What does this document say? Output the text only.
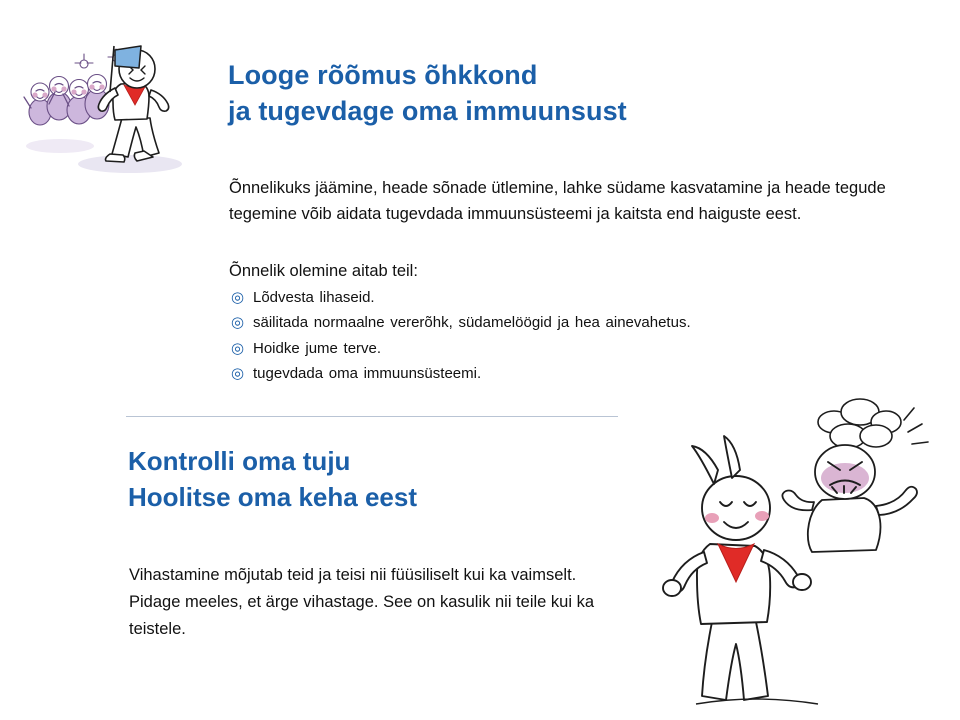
Looge rõõmus õhkkond
ja tugevdage oma immuunsust

Õnnelikuks jäämine, heade sõnade ütlemine, lahke südame kasvatamine ja heade tegude tegemine võib aidata tugevdada immuunsüsteemi ja kaitsta end haiguste eest.

Õnnelik olemine aitab teil:
◎ Lõdvesta lihaseid.
◎ säilitada normaalne vererõhk, südamelöögid ja hea ainevahetus.
◎ Hoidke jume terve.
◎ tugevdada oma immuunsüsteemi.
Kontrolli oma tuju
Hoolitse oma keha eest

Vihastamine mõjutab teid ja teisi nii füüsiliselt kui ka vaimselt. Pidage meeles, et ärge vihastage. See on kasulik nii teile kui ka teistele.
